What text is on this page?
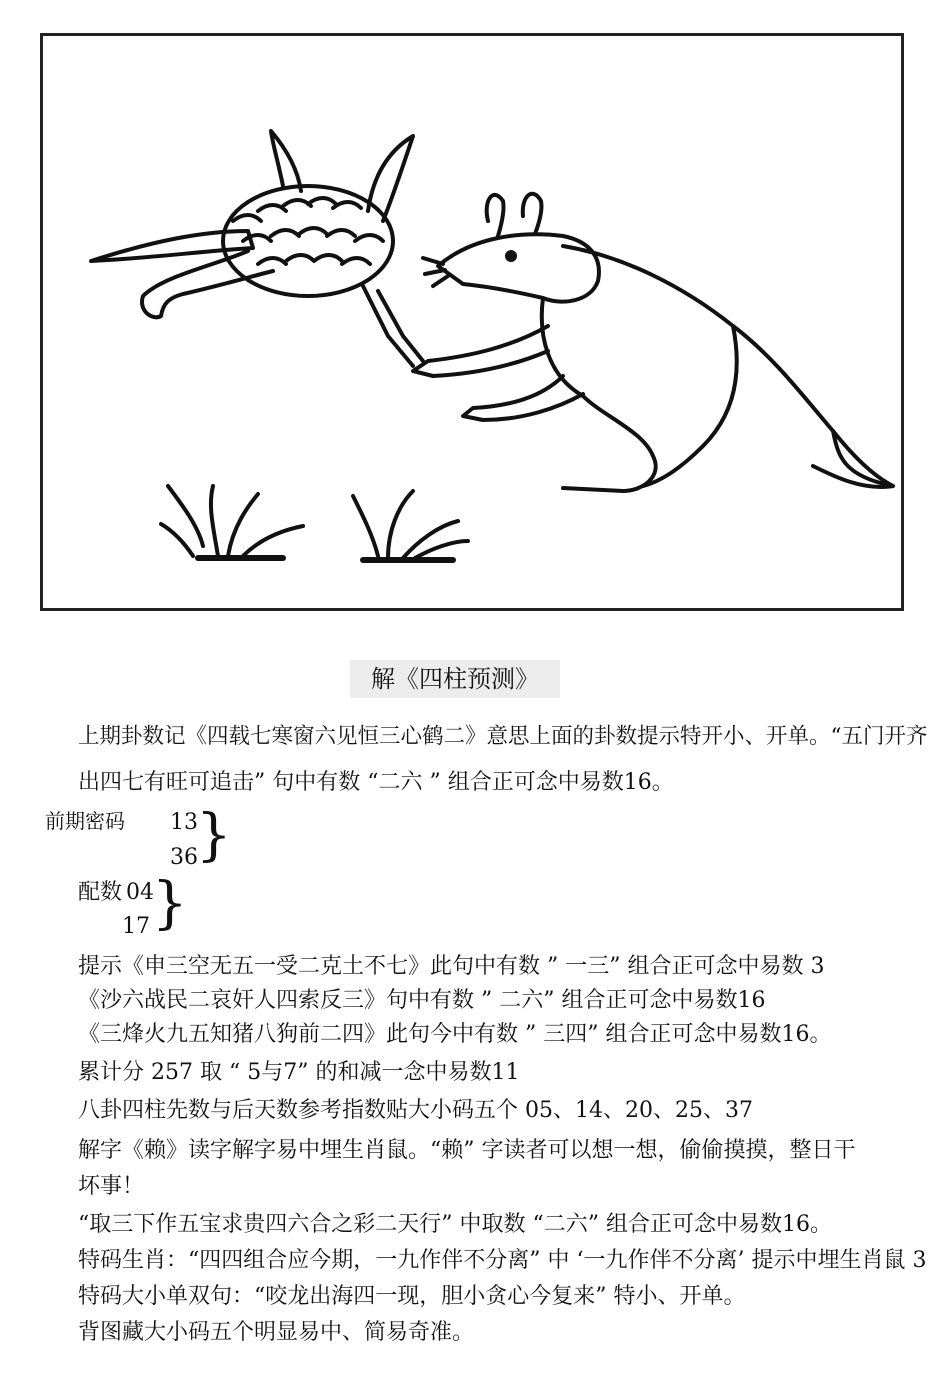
解《四柱预测》
上期卦数记《四载七寒窗六见恒三心鹤二》意思上面的卦数提示特开小、开单。“五门开齐
出四七有旺可追击” 句中有数 “二六 ” 组合正可念中易数16。
前期密码 13
36
}
配数 04
17 }
提示《申三空无五一受二克土不七》此句中有数 ” 一三” 组合正可念中易数 3
《沙六战民二哀奸人四索反三》句中有数 ” 二六” 组合正可念中易数16
《三烽火九五知猪八狗前二四》此句今中有数 ” 三四” 组合正可念中易数16。
累计分 257 取 “ 5与7” 的和减一念中易数11
八卦四柱先数与后天数参考指数贴大小码五个 05、14、20、25、37
解字《赖》读字解字易中埋生肖鼠。“赖” 字读者可以想一想，偷偷摸摸，整日干
坏事！
“取三下作五宝求贵四六合之彩二天行” 中取数 “二六” 组合正可念中易数16。
特码生肖：“四四组合应今期，一九作伴不分离” 中 ‘一九作伴不分离’ 提示中埋生肖鼠 3
特码大小单双句：“咬龙出海四一现，胆小贪心今复来” 特小、开单。
背图藏大小码五个明显易中、简易奇准。
